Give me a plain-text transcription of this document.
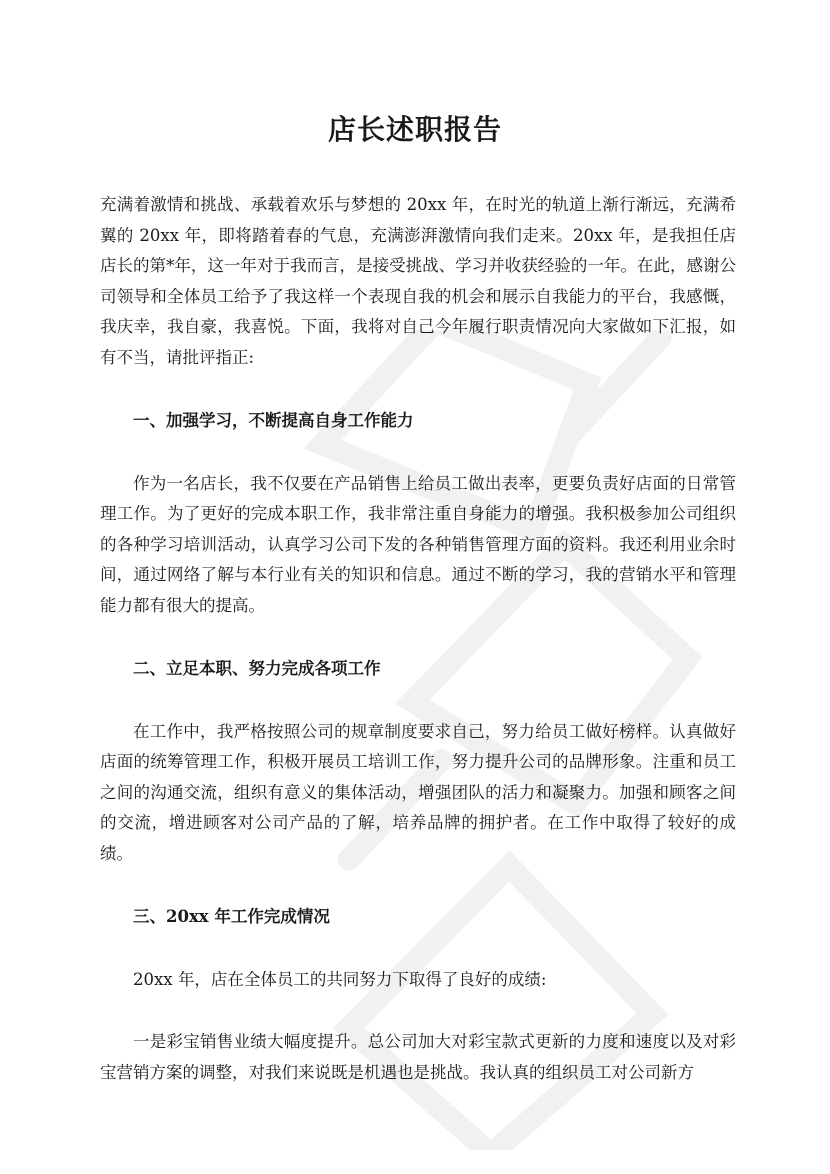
店长述职报告

充满着激情和挑战、承载着欢乐与梦想的 20xx 年，在时光的轨道上渐行渐远，充满希翼的 20xx 年，即将踏着春的气息，充满澎湃激情向我们走来。20xx 年，是我担任店店长的第*年，这一年对于我而言，是接受挑战、学习并收获经验的一年。在此，感谢公司领导和全体员工给予了我这样一个表现自我的机会和展示自我能力的平台，我感慨，我庆幸，我自豪，我喜悦。下面，我将对自己今年履行职责情况向大家做如下汇报，如有不当，请批评指正:

一、加强学习，不断提高自身工作能力

作为一名店长，我不仅要在产品销售上给员工做出表率，更要负责好店面的日常管理工作。为了更好的完成本职工作，我非常注重自身能力的增强。我积极参加公司组织的各种学习培训活动，认真学习公司下发的各种销售管理方面的资料。我还利用业余时间，通过网络了解与本行业有关的知识和信息。通过不断的学习，我的营销水平和管理能力都有很大的提高。

二、立足本职、努力完成各项工作

在工作中，我严格按照公司的规章制度要求自己，努力给员工做好榜样。认真做好店面的统筹管理工作，积极开展员工培训工作，努力提升公司的品牌形象。注重和员工之间的沟通交流，组织有意义的集体活动，增强团队的活力和凝聚力。加强和顾客之间的交流，增进顾客对公司产品的了解，培养品牌的拥护者。在工作中取得了较好的成绩。

三、20xx 年工作完成情况

20xx 年，店在全体员工的共同努力下取得了良好的成绩:

一是彩宝销售业绩大幅度提升。总公司加大对彩宝款式更新的力度和速度以及对彩宝营销方案的调整，对我们来说既是机遇也是挑战。我认真的组织员工对公司新方
